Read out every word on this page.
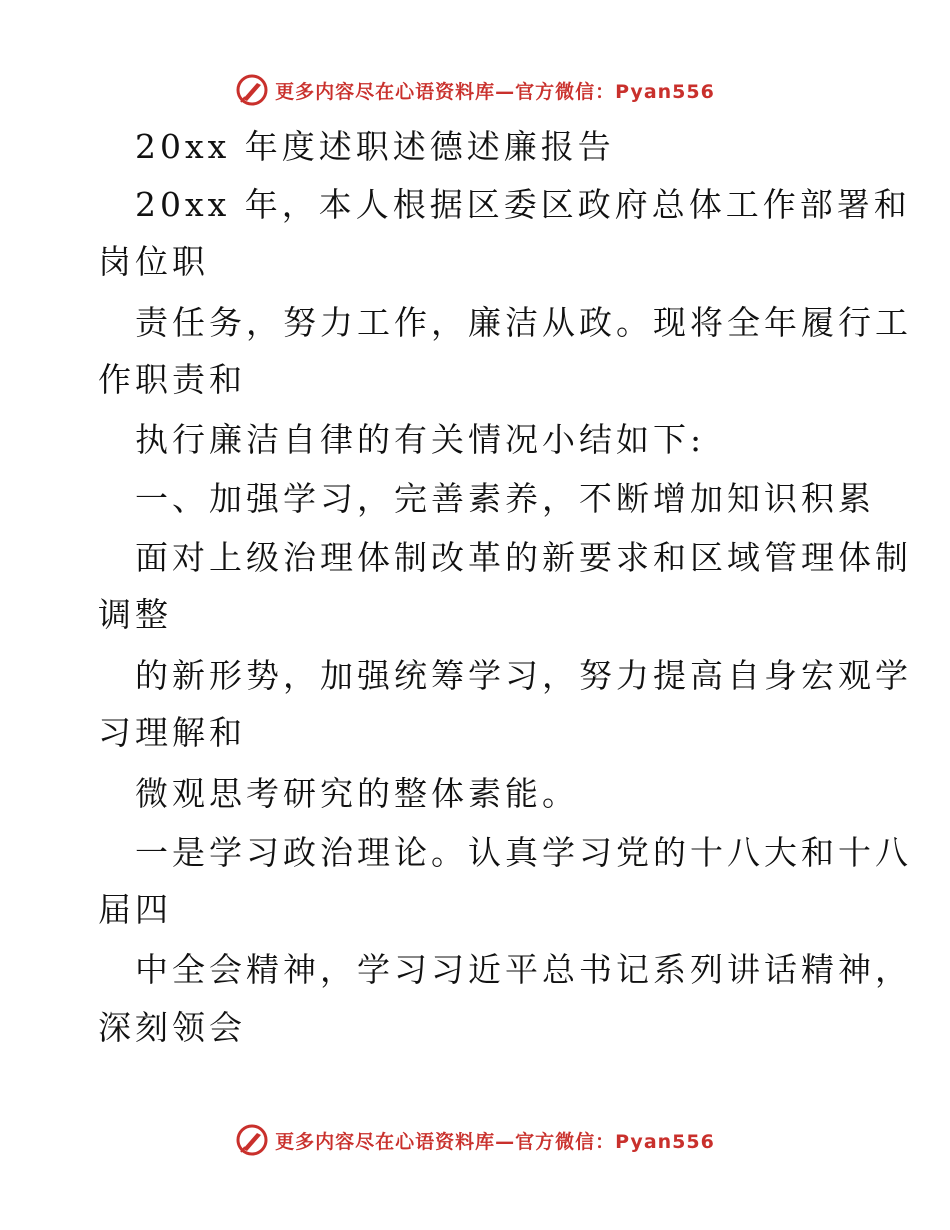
更多内容尽在心语资料库—官方微信：Pyan556
20xx 年度述职述德述廉报告
20xx 年，本人根据区委区政府总体工作部署和
岗位职
责任务，努力工作，廉洁从政。现将全年履行工
作职责和
执行廉洁自律的有关情况小结如下:
一、加强学习，完善素养，不断增加知识积累
面对上级治理体制改革的新要求和区域管理体制
调整
的新形势，加强统筹学习，努力提高自身宏观学
习理解和
微观思考研究的整体素能。
一是学习政治理论。认真学习党的十八大和十八
届四
中全会精神，学习习近平总书记系列讲话精神，
深刻领会
更多内容尽在心语资料库—官方微信：Pyan556
